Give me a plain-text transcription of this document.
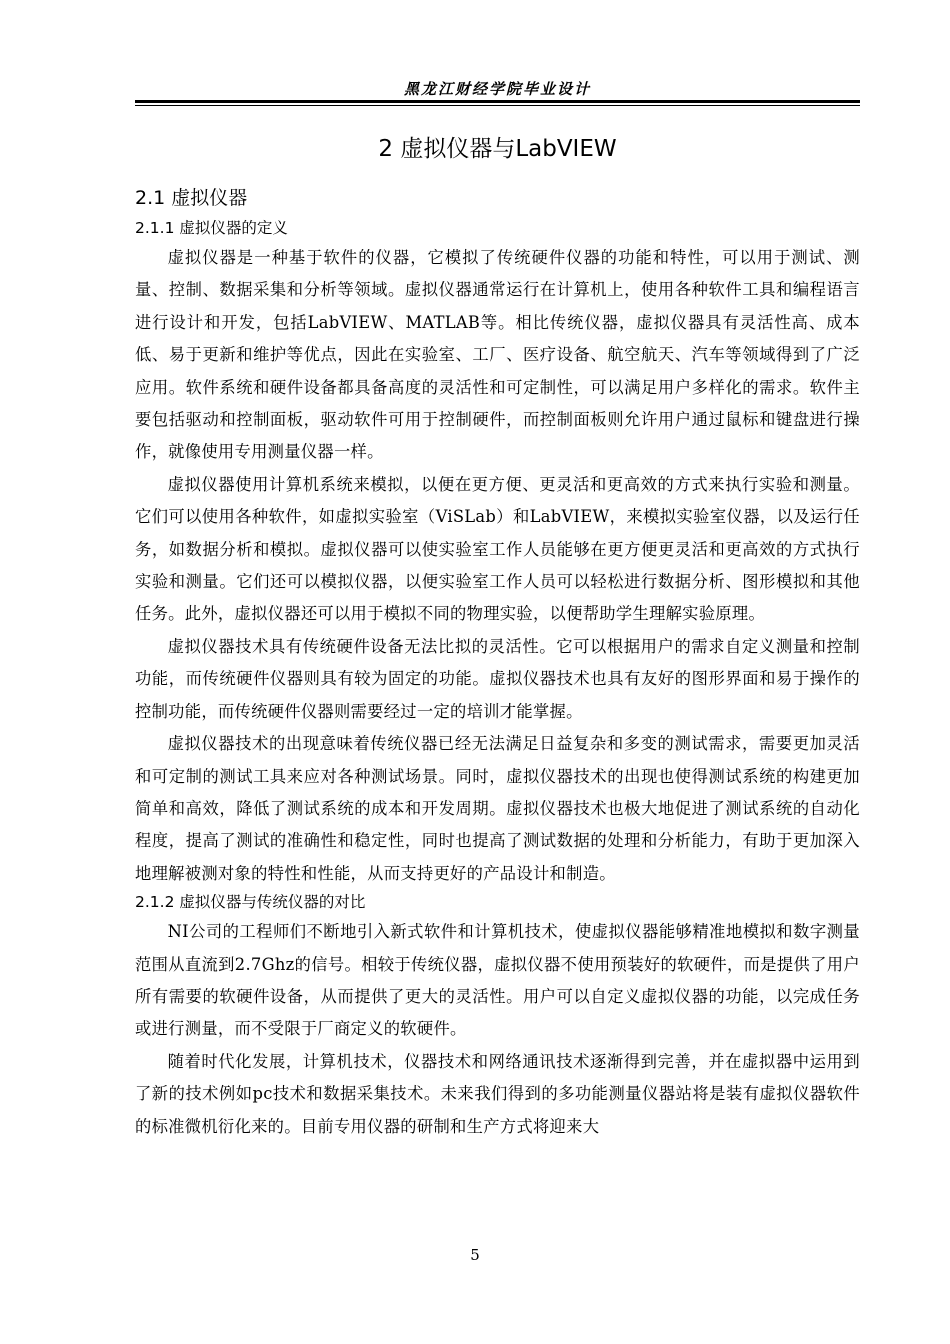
黑龙江财经学院毕业设计
2 虚拟仪器与LabVIEW
2.1 虚拟仪器
2.1.1 虚拟仪器的定义

虚拟仪器是一种基于软件的仪器，它模拟了传统硬件仪器的功能和特性，可以用于测试、测量、控制、数据采集和分析等领域。虚拟仪器通常运行在计算机上，使用各种软件工具和编程语言进行设计和开发，包括LabVIEW、MATLAB等。相比传统仪器，虚拟仪器具有灵活性高、成本低、易于更新和维护等优点，因此在实验室、工厂、医疗设备、航空航天、汽车等领域得到了广泛应用。软件系统和硬件设备都具备高度的灵活性和可定制性，可以满足用户多样化的需求。软件主要包括驱动和控制面板，驱动软件可用于控制硬件，而控制面板则允许用户通过鼠标和键盘进行操作，就像使用专用测量仪器一样。

虚拟仪器使用计算机系统来模拟，以便在更方便、更灵活和更高效的方式来执行实验和测量。它们可以使用各种软件，如虚拟实验室（ViSLab）和LabVIEW，来模拟实验室仪器，以及运行任务，如数据分析和模拟。虚拟仪器可以使实验室工作人员能够在更方便更灵活和更高效的方式执行实验和测量。它们还可以模拟仪器，以便实验室工作人员可以轻松进行数据分析、图形模拟和其他任务。此外，虚拟仪器还可以用于模拟不同的物理实验，以便帮助学生理解实验原理。

虚拟仪器技术具有传统硬件设备无法比拟的灵活性。它可以根据用户的需求自定义测量和控制功能，而传统硬件仪器则具有较为固定的功能。虚拟仪器技术也具有友好的图形界面和易于操作的控制功能，而传统硬件仪器则需要经过一定的培训才能掌握。

虚拟仪器技术的出现意味着传统仪器已经无法满足日益复杂和多变的测试需求，需要更加灵活和可定制的测试工具来应对各种测试场景。同时，虚拟仪器技术的出现也使得测试系统的构建更加简单和高效，降低了测试系统的成本和开发周期。虚拟仪器技术也极大地促进了测试系统的自动化程度，提高了测试的准确性和稳定性，同时也提高了测试数据的处理和分析能力，有助于更加深入地理解被测对象的特性和性能，从而支持更好的产品设计和制造。

2.1.2 虚拟仪器与传统仪器的对比

NI公司的工程师们不断地引入新式软件和计算机技术，使虚拟仪器能够精准地模拟和数字测量范围从直流到2.7Ghz的信号。相较于传统仪器，虚拟仪器不使用预装好的软硬件，而是提供了用户所有需要的软硬件设备，从而提供了更大的灵活性。用户可以自定义虚拟仪器的功能，以完成任务或进行测量，而不受限于厂商定义的软硬件。

随着时代化发展，计算机技术，仪器技术和网络通讯技术逐渐得到完善，并在虚拟器中运用到了新的技术例如pc技术和数据采集技术。未来我们得到的多功能测量仪器站将是装有虚拟仪器软件的标准微机衍化来的。目前专用仪器的研制和生产方式将迎来大

5
